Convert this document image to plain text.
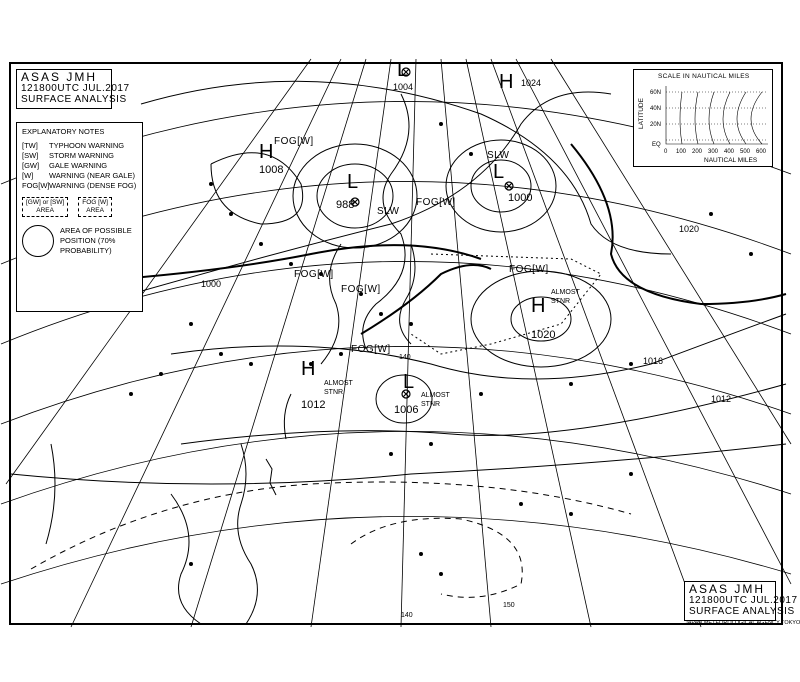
ASAS JMH
121800UTC JUL.2017
SURFACE ANALYSIS
EXPLANATORY NOTES
[TW]	TYPHOON WARNING
[SW]	STORM WARNING
[GW]	GALE WARNING
[W]	WARNING (NEAR GALE)
FOG[W] WARNING (DENSE FOG)
[GW] or [SW]
AREA
FOG [W]
AREA
AREA OF POSSIBLE POSITION (70% PROBABILITY)
SCALE IN NAUTICAL MILES
LATITUDE
60N
40N
20N
EQ
0 100 200 300 400 500 600
NAUTICAL MILES
L
988
L
1000
L
1006
ALMOST STNR
H
1012
ALMOST STNR
H
1020
ALMOST STNR
H
1008
H 1024
L
1004
1000
1020
1016
1012
SLW
FOG[W]
FOG[W]
FOG[W]
FOG[W]
SLW
FOG[W]
FOG[W]
140
150
140
ASAS JMH
121800UTC JUL.2017
SURFACE ANALYSIS
JAPAN METEOROLOGICAL AGENCY TOKYO
